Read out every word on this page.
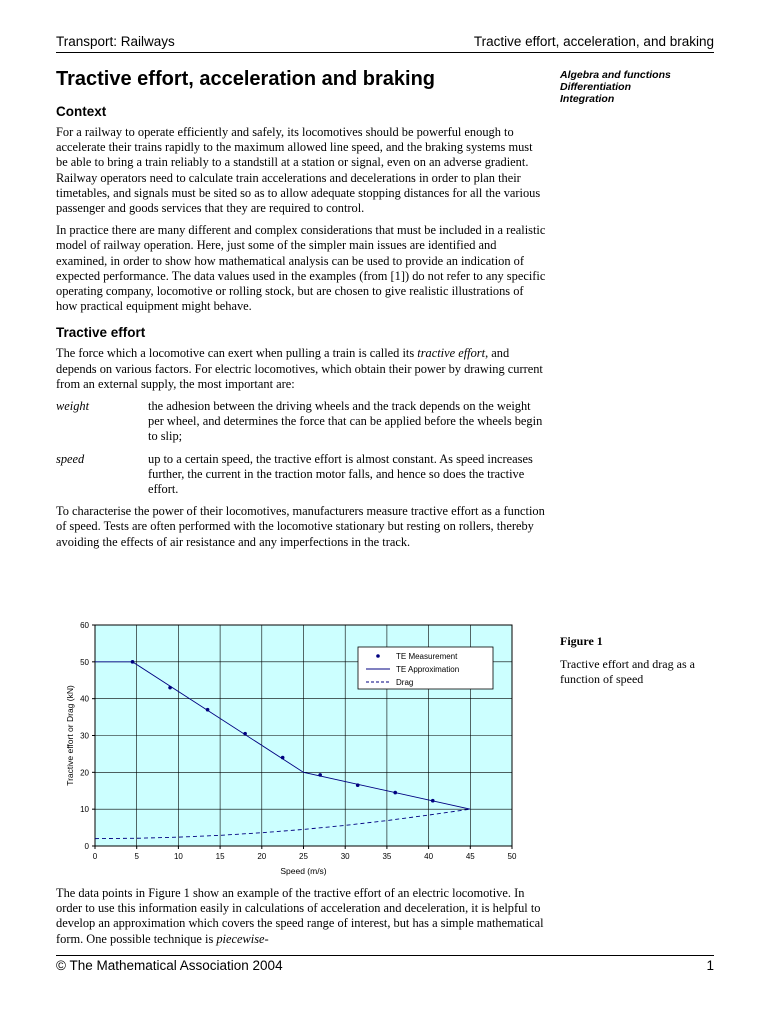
Transport: Railways	Tractive effort, acceleration, and braking
Tractive effort, acceleration and braking	Algebra and functions
Differentiation
Integration
Context

For a railway to operate efficiently and safely, its locomotives should be powerful enough to accelerate their trains rapidly to the maximum allowed line speed, and the braking systems must be able to bring a train reliably to a standstill at a station or signal, even on an adverse gradient. Railway operators need to calculate train accelerations and decelerations in order to plan their timetables, and signals must be sited so as to allow adequate stopping distances for all the various passenger and goods services that they are required to control.

In practice there are many different and complex considerations that must be included in a realistic model of railway operation. Here, just some of the simpler main issues are identified and examined, in order to show how mathematical analysis can be used to provide an indication of expected performance. The data values used in the examples (from [1]) do not refer to any specific operating company, locomotive or rolling stock, but are chosen to give realistic illustrations of how practical equipment might behave.

Tractive effort

The force which a locomotive can exert when pulling a train is called its tractive effort, and depends on various factors. For electric locomotives, which obtain their power by drawing current from an external supply, the most important are:

weight	the adhesion between the driving wheels and the track depends on the weight per wheel, and determines the force that can be applied before the wheels begin to slip;
speed	up to a certain speed, the tractive effort is almost constant. As speed increases further, the current in the traction motor falls, and hence so does the tractive effort.

To characterise the power of their locomotives, manufacturers measure tractive effort as a function of speed. Tests are often performed with the locomotive stationary but resting on rollers, thereby avoiding the effects of air resistance and any imperfections in the track.

0	5	10	15	20	25	30	35	40	45	50
0
10
20
30
40
50
60
Speed (m/s)
Tractive effort or Drag (kN)
TE Measurement
TE Approximation
Drag
Figure 1
Tractive effort and drag as a function of speed

The data points in Figure 1 show an example of the tractive effort of an electric locomotive. In order to use this information easily in calculations of acceleration and deceleration, it is helpful to develop an approximation which covers the speed range of interest, but has a simple mathematical form. One possible technique is piecewise-

© The Mathematical Association 2004	1
